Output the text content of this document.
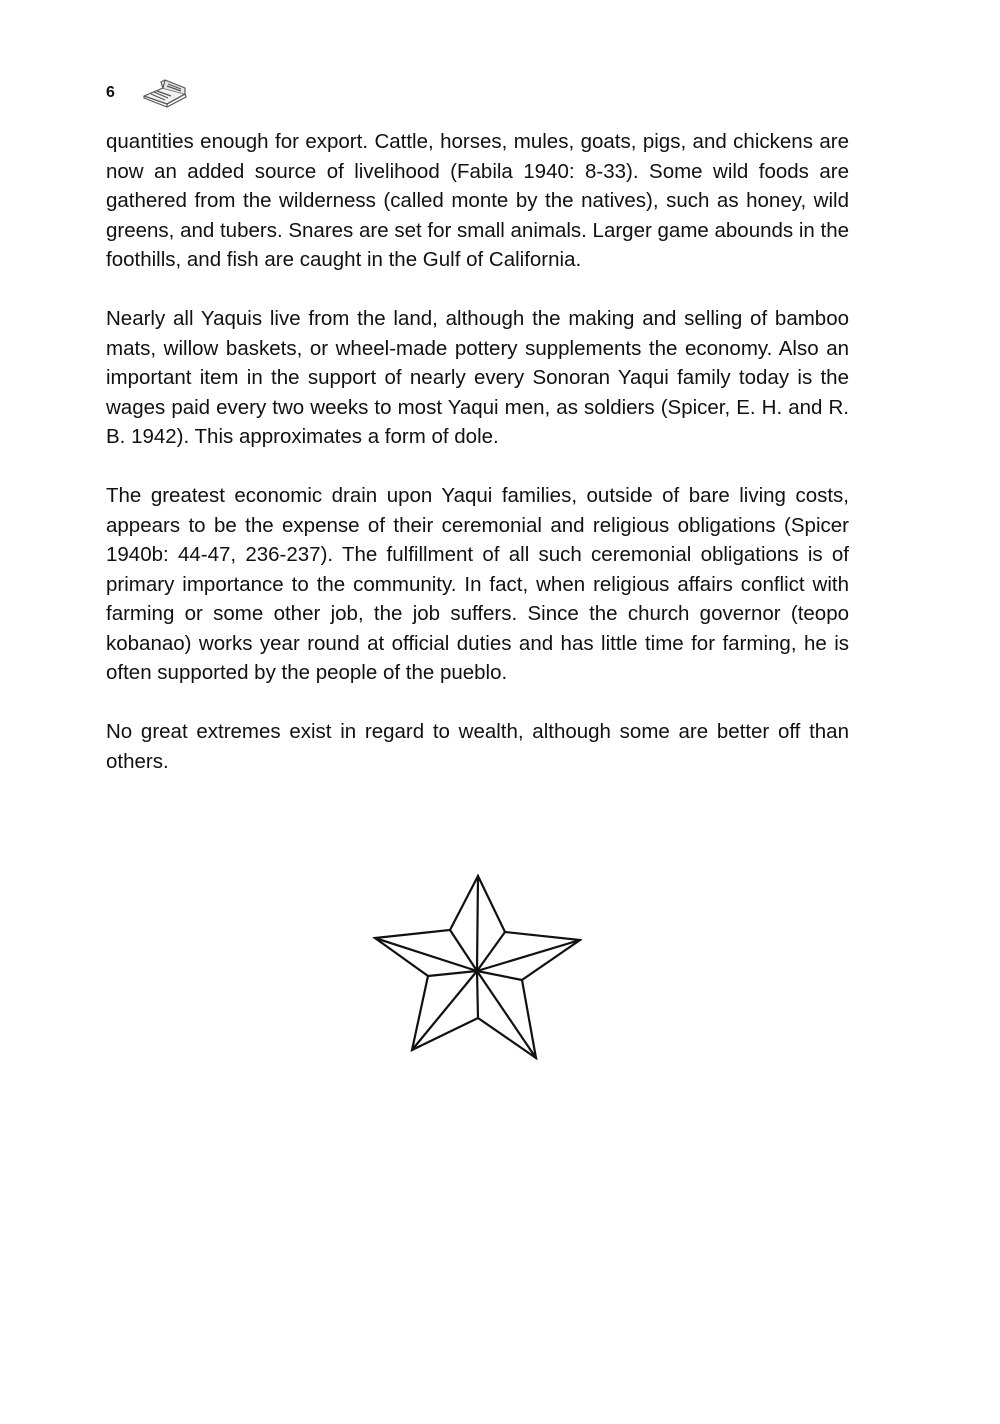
6

quantities enough for export. Cattle, horses, mules, goats, pigs, and chickens are now an added source of livelihood (Fabila 1940: 8-33). Some wild foods are gathered from the wilderness (called monte by the natives), such as honey, wild greens, and tubers. Snares are set for small animals. Larger game abounds in the foothills, and fish are caught in the Gulf of California.

Nearly all Yaquis live from the land, although the making and selling of bamboo mats, willow baskets, or wheel-made pottery supplements the economy. Also an important item in the support of nearly every Sonoran Yaqui family today is the wages paid every two weeks to most Yaqui men, as soldiers (Spicer, E. H. and R. B. 1942). This approximates a form of dole.

The greatest economic drain upon Yaqui families, outside of bare living costs, appears to be the expense of their ceremonial and religious obligations (Spicer 1940b: 44-47, 236-237). The fulfillment of all such ceremonial obligations is of primary importance to the community. In fact, when religious affairs conflict with farming or some other job, the job suffers. Since the church governor (teopo kobanao) works year round at official duties and has little time for farming, he is often supported by the people of the pueblo.

No great extremes exist in regard to wealth, although some are better off than others.
